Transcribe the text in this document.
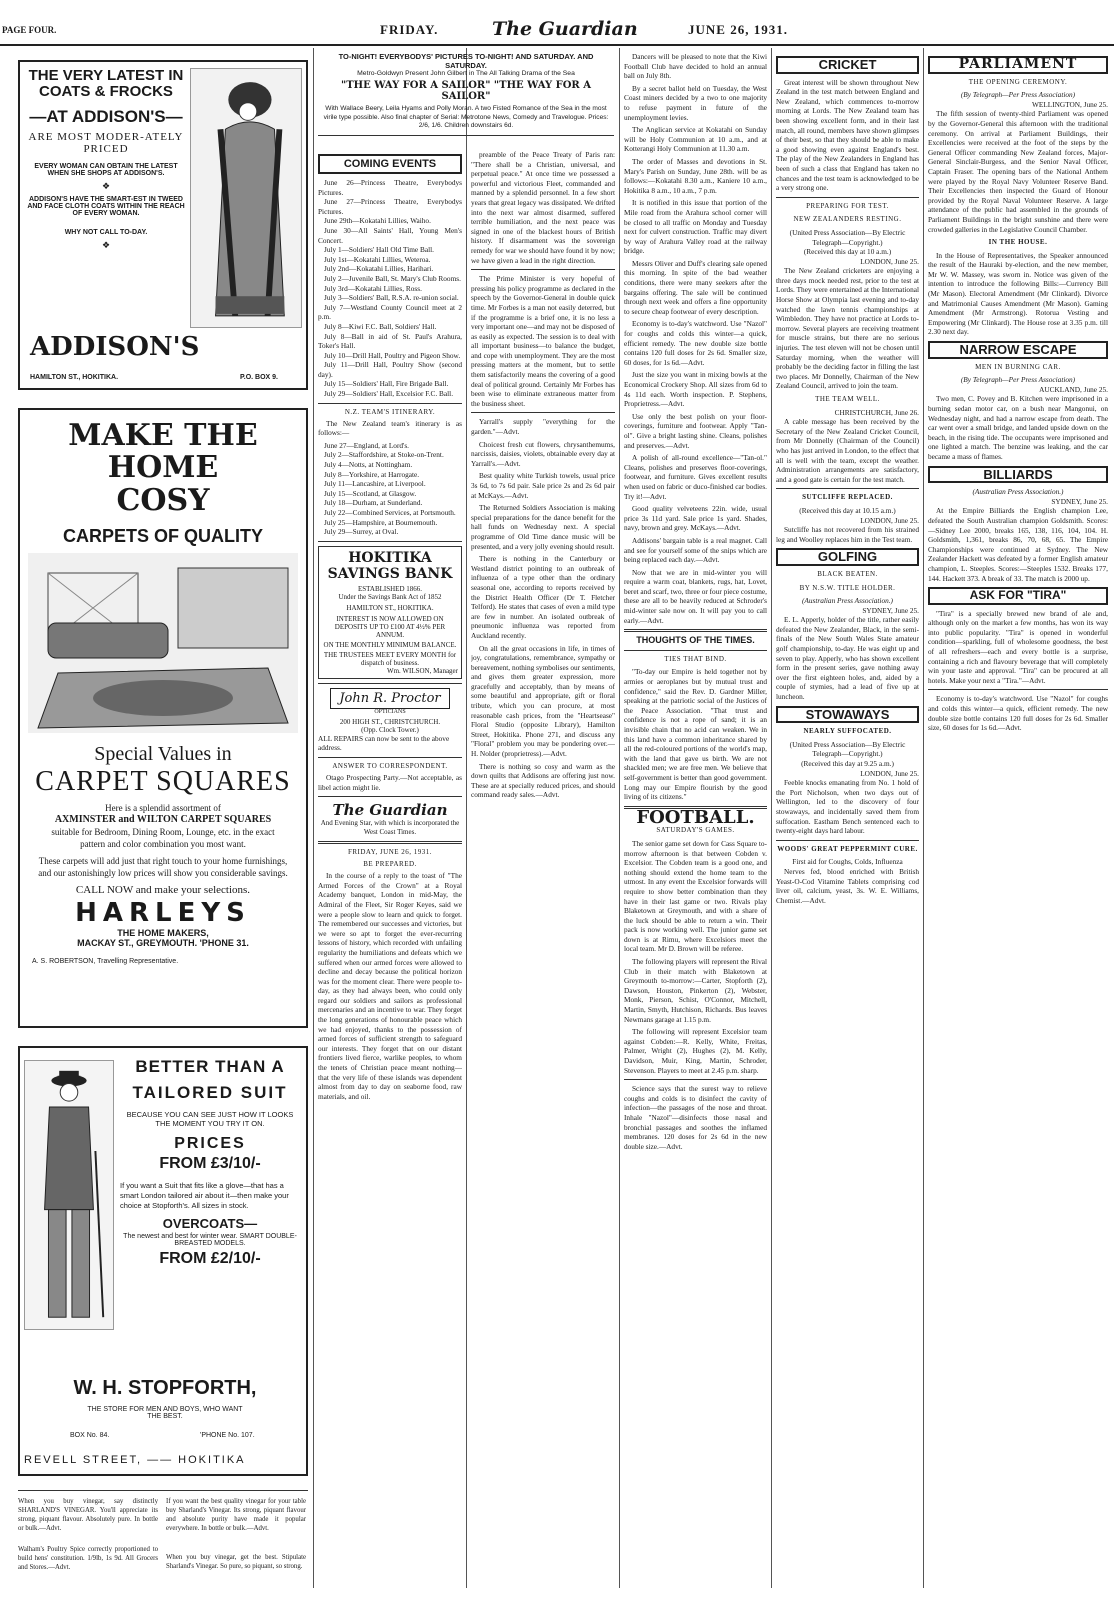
PAGE FOUR.	FRIDAY.	The Guardian	JUNE 26, 1931.
THE VERY LATEST IN COATS & FROCKS
—AT ADDISON'S—
ARE MOST MODER-ATELY PRICED
EVERY WOMAN CAN OBTAIN THE LATEST WHEN SHE SHOPS AT ADDISON'S.
❖
ADDISON'S HAVE THE SMART-EST IN TWEED AND FACE CLOTH COATS WITHIN THE REACH OF EVERY WOMAN.
WHY NOT CALL TO-DAY.
❖
ADDISON'S
HAMILTON ST., HOKITIKA.	P.O. BOX 9.
MAKE THE HOME
COSY
CARPETS OF QUALITY
Special Values in
CARPET SQUARES
Here is a splendid assortment of
AXMINSTER and WILTON CARPET SQUARES
suitable for Bedroom, Dining Room, Lounge, etc. in the exact pattern and color combination you most want.
These carpets will add just that right touch to your home furnishings, and our astonishingly low prices will show you considerable savings.
CALL NOW and make your selections.
HARLEYS
THE HOME MAKERS,
MACKAY ST., GREYMOUTH. 'PHONE 31.
A. S. ROBERTSON, Travelling Representative.
BETTER THAN A
TAILORED SUIT
BECAUSE YOU CAN SEE JUST HOW IT LOOKS THE MOMENT YOU TRY IT ON.
PRICES
FROM £3/10/-
If you want a Suit that fits like a glove—that has a smart London tailored air about it—then make your choice at Stopforth's. All sizes in stock.
OVERCOATS—
The newest and best for winter wear. SMART DOUBLE-BREASTED MODELS.
FROM £2/10/-
W. H. STOPFORTH,
THE STORE FOR MEN AND BOYS, WHO WANT THE BEST.
BOX No. 84.	'PHONE No. 107.
REVELL STREET, —— HOKITIKA
When you buy vinegar, say distinctly SHARLAND'S VINEGAR. You'll appreciate its strong, piquant flavour. Absolutely pure. In bottle or bulk.—Advt.
If you want the best quality vinegar for your table buy Sharland's Vinegar. Its strong, piquant flavour and absolute purity have made it popular everywhere. In bottle or bulk.—Advt.
Walham's Poultry Spice correctly proportioned to build hens' constitution. 1/9lb, 1s 9d. All Grocers and Stores.—Advt.
When you buy vinegar, get the best. Stipulate Sharland's Vinegar. So pure, so piquant, so strong.
TO-NIGHT! EVERYBODYS' PICTURES TO-NIGHT! AND SATURDAY. AND SATURDAY.
Metro-Goldwyn Present John Gilbert in The All Talking Drama of the Sea
"THE WAY FOR A SAILOR" "THE WAY FOR A SAILOR"
With Wallace Beery, Leila Hyams and Polly Moran. A two Fisted Romance of the Sea in the most virile type possible. Also final chapter of Serial: Metrotone News, Comedy and Travelogue. Prices: 2/6, 1/6. Children downstairs 6d.
COMING EVENTS
June 26—Princess Theatre, Everybodys Pictures.
June 27—Princess Theatre, Everybodys Pictures.
June 29th—Kokatahi Lillies, Waiho.
June 30—All Saints' Hall, Young Men's Concert.
July 1—Soldiers' Hall Old Time Ball.
July 1st—Kokatahi Lillies, Weteroa.
July 2nd—Kokatahi Lillies, Harihari.
July 2—Juvenile Ball, St. Mary's Club Rooms.
July 3rd—Kokatahi Lillies, Ross.
July 3—Soldiers' Ball, R.S.A. re-union social.
July 7—Westland County Council meet at 2 p.m.
July 8—Kiwi F.C. Ball, Soldiers' Hall.
July 8—Ball in aid of St. Paul's Arahura, Toker's Hall.
July 10—Drill Hall, Poultry and Pigeon Show.
July 11—Drill Hall, Poultry Show (second day).
July 15—Soldiers' Hall, Fire Brigade Ball.
July 29—Soldiers' Hall, Excelsior F.C. Ball.
N.Z. TEAM'S ITINERARY.

The New Zealand team's itinerary is as follows:—

June 27—England, at Lord's.
July 2—Staffordshire, at Stoke-on-Trent.
July 4—Notts, at Nottingham.
July 8—Yorkshire, at Harrogate.
July 11—Lancashire, at Liverpool.
July 15—Scotland, at Glasgow.
July 18—Durham, at Sunderland.
July 22—Combined Services, at Portsmouth.
July 25—Hampshire, at Bournemouth.
July 29—Surrey, at Oval.
HOKITIKA SAVINGS BANK
ESTABLISHED 1866.
Under the Savings Bank Act of 1852
HAMILTON ST., HOKITIKA.
INTEREST IS NOW ALLOWED ON DEPOSITS UP TO £100 AT 4½% PER ANNUM.
ON THE MONTHLY MINIMUM BALANCE.
THE TRUSTEES MEET EVERY MONTH for dispatch of business.
Wm. WILSON, Manager
John R. Proctor
OPTICIANS
200 HIGH ST., CHRISTCHURCH.
(Opp. Clock Tower.)
ALL REPAIRS can now be sent to the above address.
ANSWER TO CORRESPONDENT.

Otago Prospecting Party.—Not acceptable, as libel action might lie.

The Guardian
And Evening Star, with which is incorporated the West Coast Times.
FRIDAY, JUNE 26, 1931.
BE PREPARED.

In the course of a reply to the toast of "The Armed Forces of the Crown" at a Royal Academy banquet, London in mid-May, the Admiral of the Fleet, Sir Roger Keyes, said we were a people slow to learn and quick to forget. The remembered our successes and victories, but we were so apt to forget the ever-recurring lessons of history, which recorded with unfailing regularity the humiliations and defeats which we suffered when our armed forces were allowed to decline and decay because the political horizon was for the moment clear. There were people to-day, as they had always been, who could only regard our soldiers and sailors as professional mercenaries and an incentive to war. They forget the long generations of honourable peace which we had enjoyed, thanks to the possession of armed forces of sufficient strength to safeguard our interests. They forget that on our distant frontiers lived fierce, warlike peoples, to whom the tenets of Christian peace meant nothing—that the very life of these islands was dependent almost from day to day on seaborne food, raw materials, and oil.

preamble of the Peace Treaty of Paris ran: "There shall be a Christian, universal, and perpetual peace." At once time we possessed a powerful and victorious Fleet, commanded and manned by a splendid personnel. In a few short years that great legacy was dissipated. We drifted into the next war almost disarmed, suffered terrible humiliation, and the next peace was signed in one of the blackest hours of British history. If disarmament was the sovereign remedy for war we should have found it by now; we have given a lead in the right direction.

The Prime Minister is very hopeful of pressing his policy programme as declared in the speech by the Governor-General in double quick time. Mr Forbes is a man not easily deterred, but if the programme is a brief one, it is no less a very important one—and may not be disposed of as easily as expected. The session is to deal with all important business—to balance the budget, and cope with unemployment. They are the most pressing matters at the moment, but to settle them satisfactorily means the covering of a good deal of political ground. Certainly Mr Forbes has been wise to eliminate extraneous matter from the business sheet.

Yarrall's supply "everything for the garden."—Advt.

Choicest fresh cut flowers, chrysanthemums, narcissis, daisies, violets, obtainable every day at Yarrall's.—Advt.

Best quality white Turkish towels, usual price 3s 6d, to 7s 6d pair. Sale price 2s and 2s 6d pair at McKays.—Advt.

The Returned Soldiers Association is making special preparations for the dance benefit for the hall funds on Wednesday next. A special programme of Old Time dance music will be presented, and a very jolly evening should result.

There is nothing in the Canterbury or Westland district pointing to an outbreak of influenza of a type other than the ordinary seasonal one, according to reports received by the District Health Officer (Dr T. Fletcher Telford). He states that cases of even a mild type are few in number. An isolated outbreak of pneumonic influenza was reported from Auckland recently.

On all the great occasions in life, in times of joy, congratulations, remembrance, sympathy or bereavement, nothing symbolises our sentiments, and gives them greater expression, more gracefully and acceptably, than by means of some beautiful and appropriate, gift or floral tribute, which you can procure, at most reasonable cash prices, from the "Heartsease" Floral Studio (opposite Library), Hamilton Street, Hokitika. Phone 271, and discuss any "Floral" problem you may be pondering over.—H. Nolder (proprietress).—Advt.

There is nothing so cosy and warm as the down quilts that Addisons are offering just now. These are at specially reduced prices, and should command ready sales.—Advt.

Dancers will be pleased to note that the Kiwi Football Club have decided to hold an annual ball on July 8th.

By a secret ballot held on Tuesday, the West Coast miners decided by a two to one majority to refuse payment in future of the unemployment levies.

The Anglican service at Kokatahi on Sunday will be Holy Communion at 10 a.m., and at Kotterangi Holy Communion at 11.30 a.m.

The order of Masses and devotions in St. Mary's Parish on Sunday, June 28th. will be as follows:—Kokatahi 8.30 a.m., Kaniere 10 a.m., Hokitika 8 a.m., 10 a.m., 7 p.m.

It is notified in this issue that portion of the Mile road from the Arahura school corner will be closed to all traffic on Monday and Tuesday next for culvert construction. Traffic may divert by way of Arahura Valley road at the railway bridge.

Messrs Oliver and Duff's clearing sale opened this morning. In spite of the bad weather conditions, there were many seekers after the bargains offering. The sale will be continued through next week and offers a fine opportunity to secure cheap footwear of every description.

Economy is to-day's watchword. Use "Nazol" for coughs and colds this winter—a quick, efficient remedy. The new double size bottle contains 120 full doses for 2s 6d. Smaller size, 60 doses, for 1s 6d.—Advt.

Just the size you want in mixing bowls at the Economical Crockery Shop. All sizes from 6d to 4s 11d each. Worth inspection. P. Stephens, Proprietress.—Advt.

Use only the best polish on your floor-coverings, furniture and footwear. Apply "Tan-ol". Give a bright lasting shine. Cleans, polishes and preserves.—Advt.

A polish of all-round excellence—"Tan-ol." Cleans, polishes and preserves floor-coverings, footwear, and furniture. Gives excellent results when used on fabric or duco-finished car bodies. Try it!—Advt.

Good quality velveteens 22in. wide, usual price 3s 11d yard. Sale price 1s yard. Shades, navy, brown and grey. McKays.—Advt.

Addisons' bargain table is a real magnet. Call and see for yourself some of the snips which are being replaced each day.—Advt.

Now that we are in mid-winter you will require a warm coat, blankets, rugs, hat, Lovet, beret and scarf, two, three or four piece costume, these are all to be heavily reduced at Schroder's mid-winter sale now on. It will pay you to call early.—Advt.

THOUGHTS OF THE TIMES.
TIES THAT BIND.

"To-day our Empire is held together not by armies or aeroplanes but by mutual trust and confidence," said the Rev. D. Gardner Miller, speaking at the patriotic social of the Justices of the Peace Association. "That trust and confidence is not a rope of sand; it is an invisible chain that no acid can weaken. We in this land have a common inheritance shared by all the red-coloured portions of the world's map, with the land that gave us birth. We are not shackled men; we are free men. We believe that self-government is better than good government. Long may our Empire flourish by the good living of its citizens."

FOOTBALL.
SATURDAY'S GAMES.

The senior game set down for Cass Square to-morrow afternoon is that between Cobden v. Excelsior. The Cobden team is a good one, and nothing should extend the home team to the utmost. In any event the Excelsior forwards will require to show better combination than they have in their last game or two. Rivals play Blaketown at Greymouth, and with a share of the luck should be able to return a win. Their pack is now working well. The junior game set down is at Rimu, where Excelsiors meet the local team. Mr D. Brown will be referee.

The following players will represent the Rival Club in their match with Blaketown at Greymouth to-morrow:—Carter, Stopforth (2), Dawson, Houston, Pinkerton (2), Webster, Monk, Pierson, Schist, O'Connor, Mitchell, Martin, Smyth, Hutchison, Richards. Bus leaves Newmans garage at 1.15 p.m.

The following will represent Excelsior team against Cobden:—R. Kelly, White, Freitas, Palmer, Wright (2), Hughes (2), M. Kelly, Davidson, Muir, King, Martin, Schroder, Stevenson. Players to meet at 2.45 p.m. sharp.

Science says that the surest way to relieve coughs and colds is to disinfect the cavity of infection—the passages of the nose and throat. Inhale "Nazol"—disinfects those nasal and bronchial passages and soothes the inflamed membranes. 120 doses for 2s 6d in the new double size.—Advt.

CRICKET

Great interest will be shown throughout New Zealand in the test match between England and New Zealand, which commences to-morrow morning at Lords. The New Zealand team has been showing excellent form, and in their last match, all round, members have shown glimpses of their best, so that they should be able to make a good showing even against England's best. The play of the New Zealanders in England has been of such a class that England has taken no chances and the test team is acknowledged to be a very strong one.

PREPARING FOR TEST.
NEW ZEALANDERS RESTING.
(United Press Association—By Electric Telegraph—Copyright.)
(Received this day at 10 a.m.)
LONDON, June 25.

The New Zealand cricketers are enjoying a three days mock needed rest, prior to the test at Lords. They were entertained at the International Horse Show at Olympia last evening and to-day watched the lawn tennis championships at Wimbledon. They have not practice at Lords to-morrow. Several players are receiving treatment for muscle strains, but there are no serious injuries. The test eleven will not be chosen until Saturday morning, when the weather will probably be the deciding factor in filling the last two places. Mr Donnelly, Chairman of the New Zealand Council, arrived to join the team.

THE TEAM WELL.
CHRISTCHURCH, June 26.

A cable message has been received by the Secretary of the New Zealand Cricket Council, from Mr Donnelly (Chairman of the Council) who has just arrived in London, to the effect that all is well with the team, except the weather. Administration arrangements are satisfactory, and a good gate is certain for the test match.

SUTCLIFFE REPLACED.
(Received this day at 10.15 a.m.)
LONDON, June 25.

Sutcliffe has not recovered from his strained leg and Woolley replaces him in the Test team.

GOLFING
BLACK BEATEN.
BY N.S.W. TITLE HOLDER.
(Australian Press Association.)
SYDNEY, June 25.

E. L. Apperly, holder of the title, rather easily defeated the New Zealander, Black, in the semi-finals of the New South Wales State amateur golf championship, to-day. He was eight up and seven to play. Apperly, who has shown excellent form in the present series, gave nothing away over the first eighteen holes, and, aided by a couple of stymies, had a lead of five up at luncheon.

STOWAWAYS
NEARLY SUFFOCATED.
(United Press Association—By Electric Telegraph—Copyright.)
(Received this day at 9.25 a.m.)
LONDON, June 25.

Feeble knocks emanating from No. 1 hold of the Port Nicholson, when two days out of Wellington, led to the discovery of four stowaways, and incidentally saved them from suffocation. Eastham Bench sentenced each to twenty-eight days hard labour.

WOODS' GREAT PEPPERMINT CURE.
First aid for Coughs, Colds, Influenza

Nerves fed, blood enriched with British Yeast-O-Cod Vitamine Tablets comprising cod liver oil, calcium, yeast, 3s. W. E. Williams, Chemist.—Advt.

PARLIAMENT
THE OPENING CEREMONY.
(By Telegraph—Per Press Association)
WELLINGTON, June 25.

The fifth session of twenty-third Parliament was opened by the Governor-General this afternoon with the traditional ceremony. On arrival at Parliament Buildings, their Excellencies were received at the foot of the steps by the General Officer commanding New Zealand forces, Major-General Sinclair-Burgess, and the Senior Naval Officer, Captain Fraser. The opening bars of the National Anthem were played by the Royal Navy Volunteer Reserve Band. Their Excellencies then inspected the Guard of Honour provided by the Royal Naval Volunteer Reserve. A large attendance of the public had assembled in the grounds of Parliament Buildings in the bright sunshine and there were crowded galleries in the Legislative Council Chamber.

IN THE HOUSE.

In the House of Representatives, the Speaker announced the result of the Hauraki by-election, and the new member, Mr W. W. Massey, was sworn in. Notice was given of the intention to introduce the following Bills:—Currency Bill (Mr Mason). Electoral Amendment (Mr Clinkard). Divorce and Matrimonial Causes Amendment (Mr Mason). Gaming Amendment (Mr Armstrong). Rotorua Vesting and Empowering (Mr Clinkard). The House rose at 3.35 p.m. till 2.30 next day.

NARROW ESCAPE
MEN IN BURNING CAR.
(By Telegraph—Per Press Association)
AUCKLAND, June 25.

Two men, C. Povey and B. Kitchen were imprisoned in a burning sedan motor car, on a bush near Mangonui, on Wednesday night, and had a narrow escape from death. The car went over a small bridge, and landed upside down on the beach, in the rising tide. The occupants were imprisoned and one lighted a match. The benzine was leaking, and the car became a mass of flames.

BILLIARDS
(Australian Press Association.)
SYDNEY, June 25.

At the Empire Billiards the English champion Lee, defeated the South Australian champion Goldsmith. Scores:—Sidney Lee 2000, breaks 165, 138, 116, 104, 104. H. Goldsmith, 1,361, breaks 86, 70, 68, 65. The Empire Championships were continued at Sydney. The New Zealander Hackett was defeated by a former English amateur champion, L. Steeples. Scores:—Steeples 1532. Breaks 177, 144. Hackett 373. A break of 33. The match is 2000 up.

ASK FOR "TIRA"

"Tira" is a specially brewed new brand of ale and, although only on the market a few months, has won its way into public popularity. "Tira" is opened in wonderful condition—sparkling, full of wholesome goodness, the best of all refreshers—each and every bottle is a surprise, containing a rich and flavoury beverage that will completely win your taste and approval. "Tira" can be procured at all hotels. Make your next a "Tira."—Advt.

Economy is to-day's watchword. Use "Nazol" for coughs and colds this winter—a quick, efficient remedy. The new double size bottle contains 120 full doses for 2s 6d. Smaller size, 60 doses for 1s 6d.—Advt.
